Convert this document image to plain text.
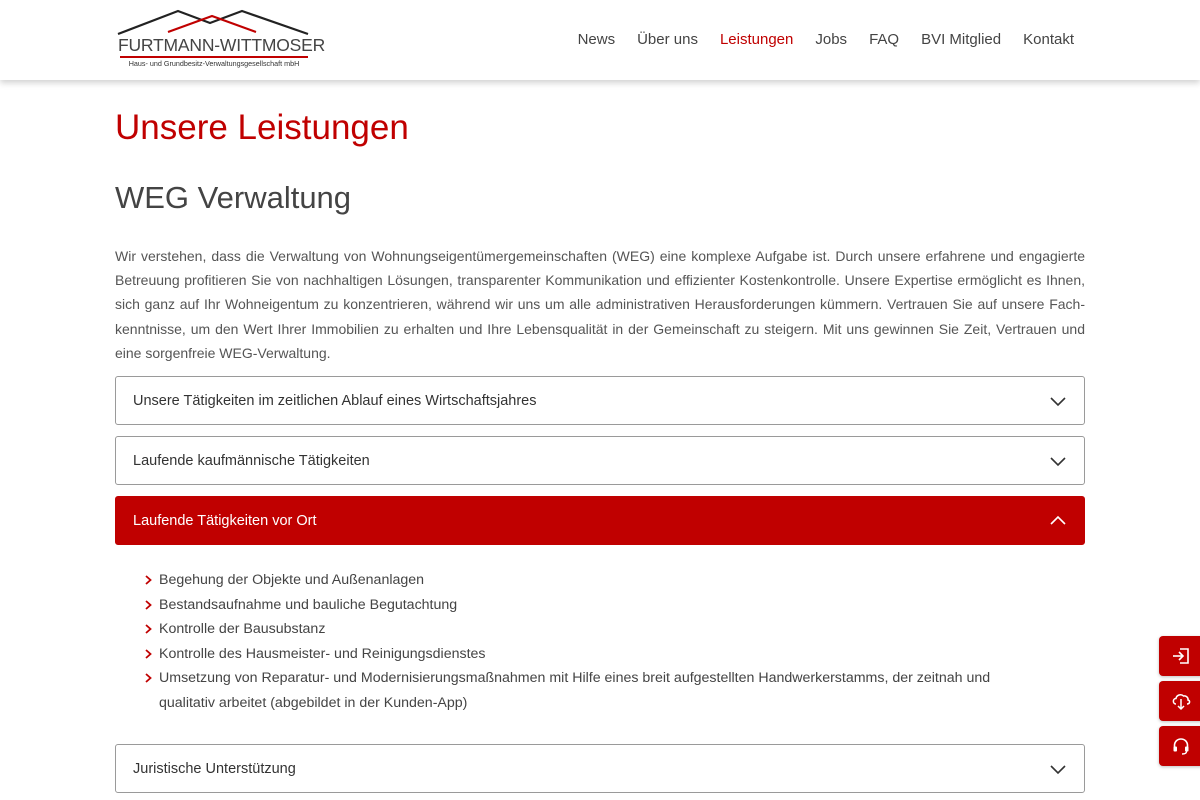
FURTMANN-WITTMOSER
Haus- und Grundbesitz-Verwaltungsgesellschaft mbH
News Über uns Leistungen Jobs FAQ BVI Mitglied Kontakt
Unsere Leistungen
WEG Verwaltung

Wir verstehen, dass die Verwaltung von Wohnungseigentümergemeinschaften (WEG) eine komplexe Aufgabe ist. Durch unsere erfahrene und engagierte Betreuung profitieren Sie von nachhaltigen Lösungen, transparenter Kommunikation und effizienter Kostenkontrolle. Unsere Expertise ermöglicht es Ihnen, sich ganz auf Ihr Wohneigentum zu konzentrieren, während wir uns um alle administrativen Herausforderungen kümmern. Vertrauen Sie auf unsere Fachkenntnisse, um den Wert Ihrer Immobilien zu erhalten und Ihre Lebensqualität in der Gemeinschaft zu steigern. Mit uns gewinnen Sie Zeit, Vertrauen und eine sorgenfreie WEG-Verwaltung.

Unsere Tätigkeiten im zeitlichen Ablauf eines Wirtschaftsjahres
Laufende kaufmännische Tätigkeiten
Laufende Tätigkeiten vor Ort
Begehung der Objekte und Außenanlagen
Bestandsaufnahme und bauliche Begutachtung
Kontrolle der Bausubstanz
Kontrolle des Hausmeister- und Reinigungsdienstes
Umsetzung von Reparatur- und Modernisierungsmaßnahmen mit Hilfe eines breit aufgestellten Handwerkerstamms, der zeitnah und qualitativ arbeitet (abgebildet in der Kunden-App)
Juristische Unterstützung
